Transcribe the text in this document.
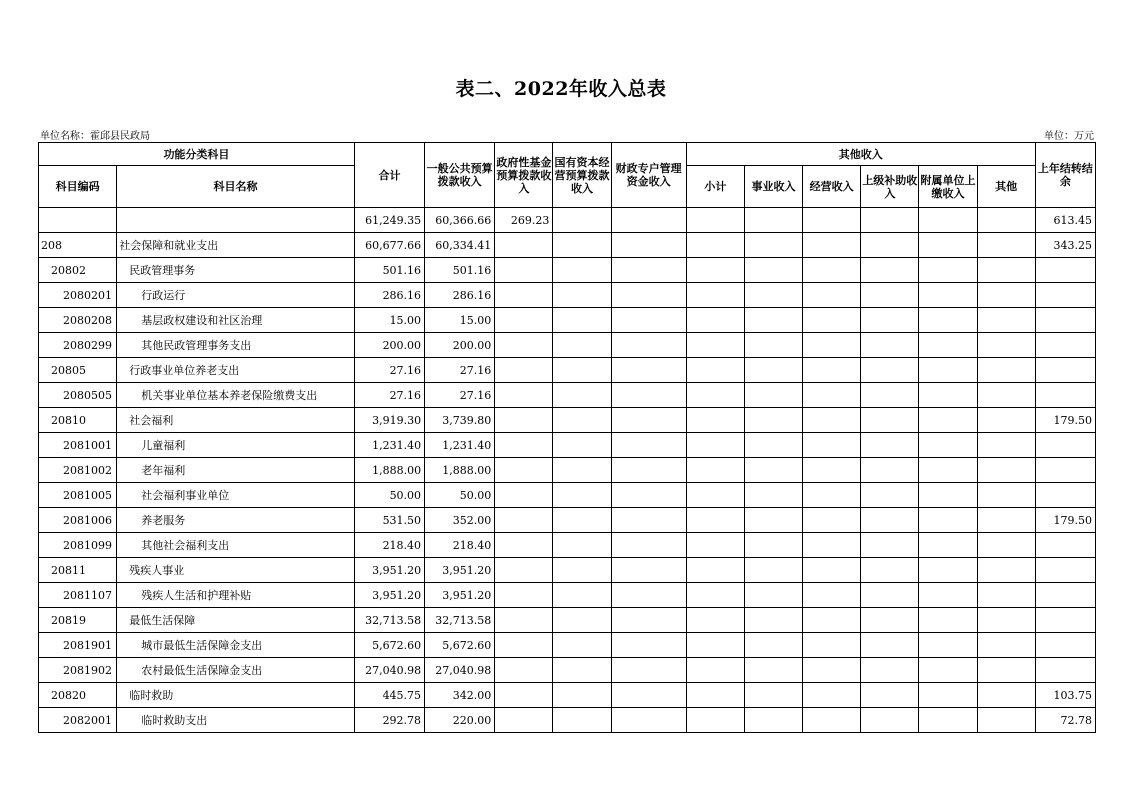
表二、2022年收入总表
单位名称：霍邱县民政局	单位：万元
功能分类科目		合计	一般公共预算拨款收入	政府性基金预算拨款收入	国有资本经营预算拨款收入	财政专户管理资金收入	其他收入						上年结转结余
科目编码	科目名称						小计	事业收入	经营收入	上级补助收入	附属单位上缴收入	其他	
		61,249.35	60,366.66	269.23									613.45
208	社会保障和就业支出	60,677.66	60,334.41										343.25
20802	民政管理事务	501.16	501.16										
2080201	行政运行	286.16	286.16										
2080208	基层政权建设和社区治理	15.00	15.00										
2080299	其他民政管理事务支出	200.00	200.00										
20805	行政事业单位养老支出	27.16	27.16										
2080505	机关事业单位基本养老保险缴费支出	27.16	27.16										
20810	社会福利	3,919.30	3,739.80										179.50
2081001	儿童福利	1,231.40	1,231.40										
2081002	老年福利	1,888.00	1,888.00										
2081005	社会福利事业单位	50.00	50.00										
2081006	养老服务	531.50	352.00										179.50
2081099	其他社会福利支出	218.40	218.40										
20811	残疾人事业	3,951.20	3,951.20										
2081107	残疾人生活和护理补贴	3,951.20	3,951.20										
20819	最低生活保障	32,713.58	32,713.58										
2081901	城市最低生活保障金支出	5,672.60	5,672.60										
2081902	农村最低生活保障金支出	27,040.98	27,040.98										
20820	临时救助	445.75	342.00										103.75
2082001	临时救助支出	292.78	220.00										72.78
